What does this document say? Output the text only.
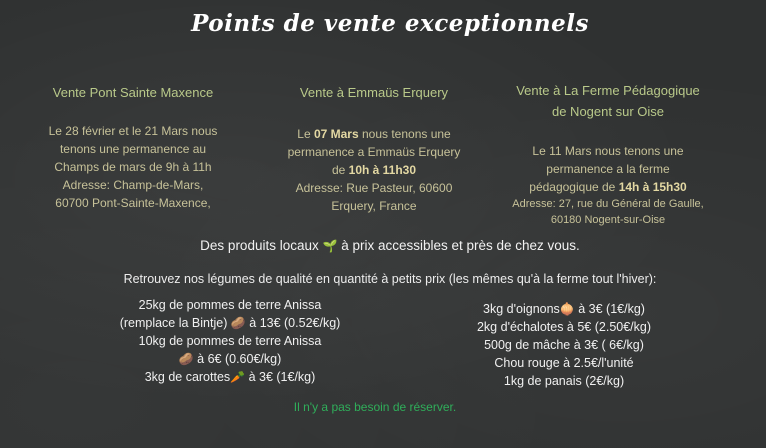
Points de vente exceptionnels
Vente Pont Sainte Maxence
Le 28 février et le 21 Mars nous
tenons une permanence au
Champs de mars de 9h à 11h
Adresse: Champ-de-Mars,
60700 Pont-Sainte-Maxence,
Vente à Emmaüs Erquery
Le 07 Mars nous tenons une
permanence a Emmaüs Erquery
de 10h à 11h30
Adresse: Rue Pasteur, 60600
Erquery, France
Vente à La Ferme Pédagogique
de Nogent sur Oise
Le 11 Mars nous tenons une
permanence a la ferme
pédagogique de 14h à 15h30
Adresse: 27, rue du Général de Gaulle,
60180 Nogent-sur-Oise
Des produits locaux 🌱 à prix accessibles et près de chez vous.
Retrouvez nos légumes de qualité en quantité à petits prix (les mêmes qu'à la ferme tout l'hiver):
25kg de pommes de terre Anissa
(remplace la Bintje) 🥔 à 13€ (0.52€/kg)
10kg de pommes de terre Anissa
🥔 à 6€ (0.60€/kg)
3kg de carottes🥕 à 3€ (1€/kg)
3kg d'oignons🧅 à 3€ (1€/kg)
2kg d'échalotes à 5€ (2.50€/kg)
500g de mâche à 3€ ( 6€/kg)
Chou rouge à 2.5€/l'unité
1kg de panais (2€/kg)
Il n'y a pas besoin de réserver.
